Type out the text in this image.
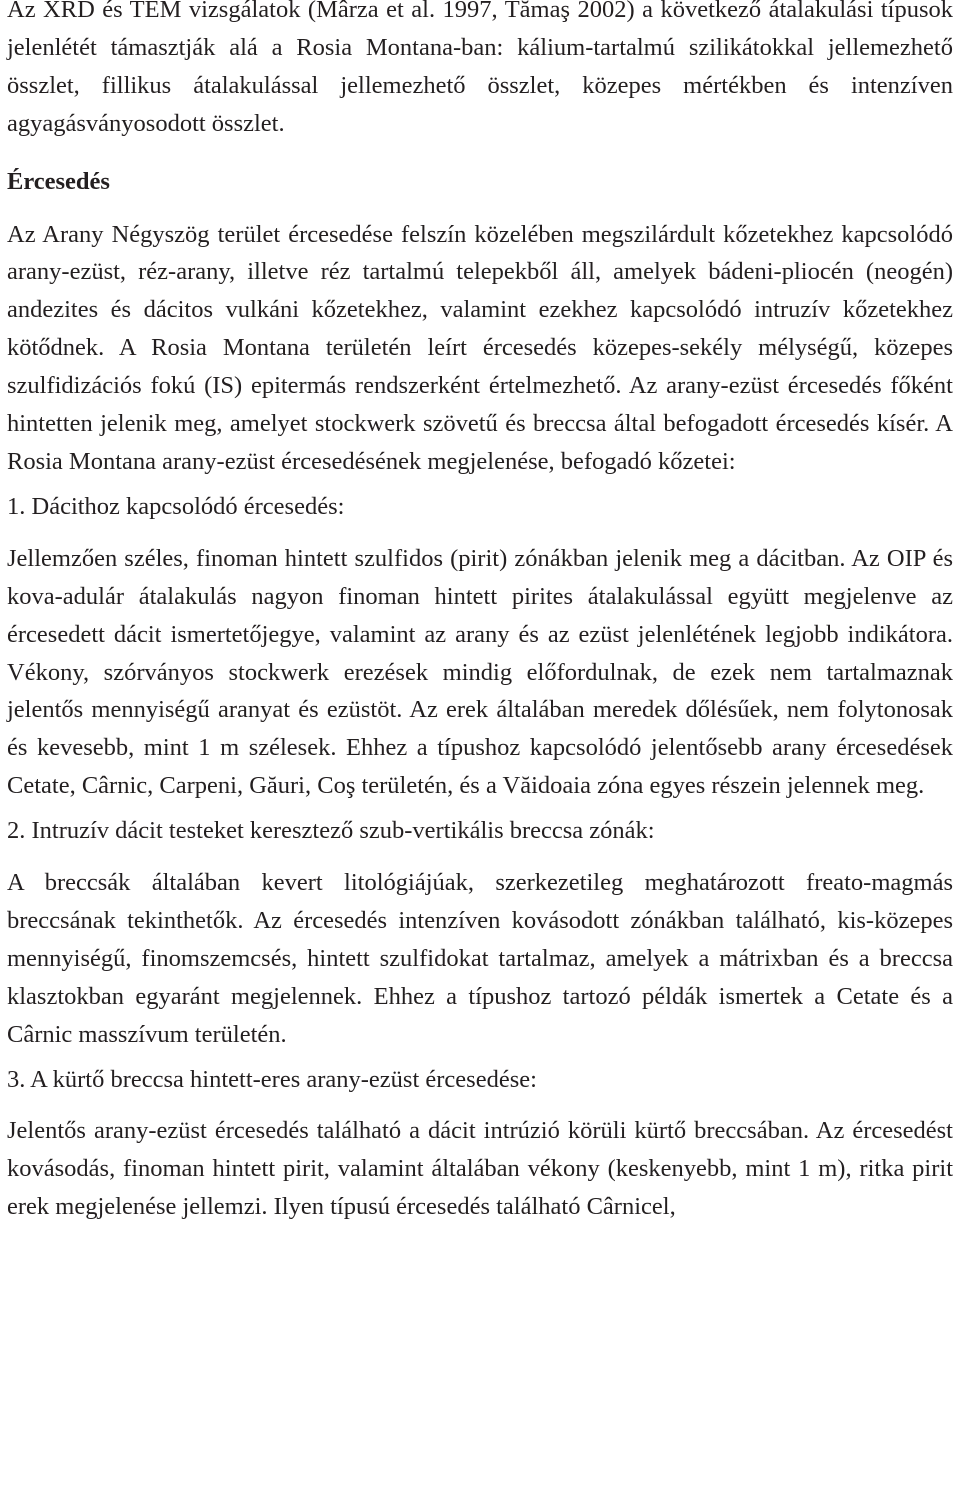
Az XRD és TEM vizsgálatok (Mârza et al. 1997, Tămaş 2002) a következő átalakulási típusok jelenlétét támasztják alá a Rosia Montana-ban: kálium-tartalmú szilikátokkal jellemezhető összlet, fillikus átalakulással jellemezhető összlet, közepes mértékben és intenzíven agyagásványosodott összlet.

Ércesedés

Az Arany Négyszög terület ércesedése felszín közelében megszilárdult kőzetekhez kapcsolódó arany-ezüst, réz-arany, illetve réz tartalmú telepekből áll, amelyek bádeni-pliocén (neogén) andezites és dácitos vulkáni kőzetekhez, valamint ezekhez kapcsolódó intruzív kőzetekhez kötődnek. A Rosia Montana területén leírt ércesedés közepes-sekély mélységű, közepes szulfidizációs fokú (IS) epitermás rendszerként értelmezhető. Az arany-ezüst ércesedés főként hintetten jelenik meg, amelyet stockwerk szövetű és breccsa által befogadott ércesedés kísér. A Rosia Montana arany-ezüst ércesedésének megjelenése, befogadó kőzetei:

1. Dácithoz kapcsolódó ércesedés:

Jellemzően széles, finoman hintett szulfidos (pirit) zónákban jelenik meg a dácitban. Az OIP és kova-adulár átalakulás nagyon finoman hintett pirites átalakulással együtt megjelenve az ércesedett dácit ismertetőjegye, valamint az arany és az ezüst jelenlétének legjobb indikátora. Vékony, szórványos stockwerk erezések mindig előfordulnak, de ezek nem tartalmaznak jelentős mennyiségű aranyat és ezüstöt. Az erek általában meredek dőlésűek, nem folytonosak és kevesebb, mint 1 m szélesek. Ehhez a típushoz kapcsolódó jelentősebb arany ércesedések Cetate, Cârnic, Carpeni, Găuri, Coş területén, és a Văidoaia zóna egyes részein jelennek meg.

2. Intruzív dácit testeket keresztező szub-vertikális breccsa zónák:

A breccsák általában kevert litológiájúak, szerkezetileg meghatározott freato-magmás breccsának tekinthetők. Az ércesedés intenzíven kovásodott zónákban található, kis-közepes mennyiségű, finomszemcsés, hintett szulfidokat tartalmaz, amelyek a mátrixban és a breccsa klasztokban egyaránt megjelennek. Ehhez a típushoz tartozó példák ismertek a Cetate és a Cârnic masszívum területén.

3. A kürtő breccsa hintett-eres arany-ezüst ércesedése:

Jelentős arany-ezüst ércesedés található a dácit intrúzió körüli kürtő breccsában. Az ércesedést kovásodás, finoman hintett pirit, valamint általában vékony (keskenyebb, mint 1 m), ritka pirit erek megjelenése jellemzi. Ilyen típusú ércesedés található Cârnicel,
